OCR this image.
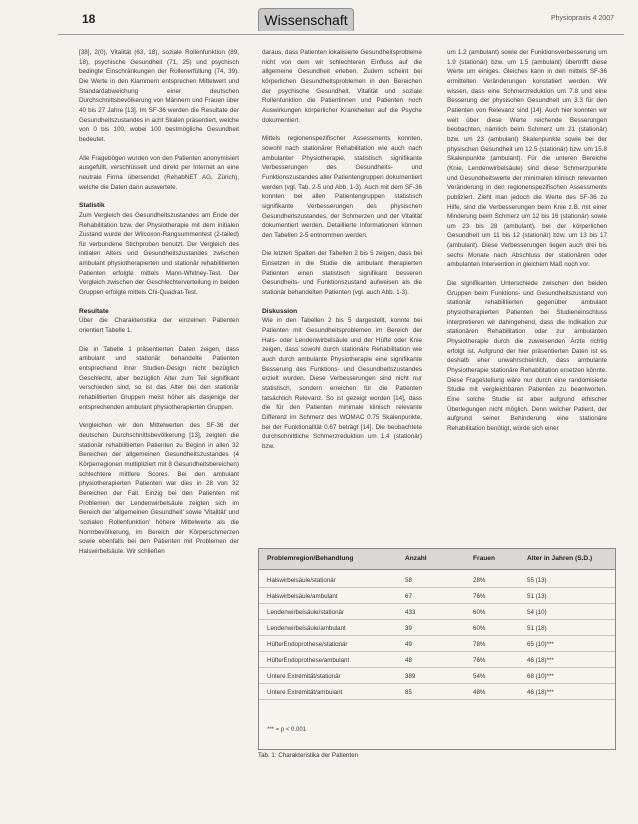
18	Wissenschaft	Physiopraxis 4 2007

[38], 2(0), Vitalität (63, 18), soziale Rollenfunktion (89, 18), psychische Gesundheit (71, 25) und psychisch bedingte Einschränkungen der Rollenerfüllung (74, 39). Die Werte in den Klammern entsprechen Mittelwert und Standardabweichung einer deutschen Durchschnittsbevölkerung von Männern und Frauen über 40 bis 27 Jahre [13]. Im SF-36 werden die Resultate der Gesundheitszustandes in acht Skalen präsentiert, welche von 0 bis 100, wobei 100 bestmögliche Gesundheit bedeutet.

Alle Fragebögen wurden von den Patienten anonymisiert ausgefüllt, verschlüsselt und direkt per Internet an eine neutrale Firma übersendet (RehabNET AG, Zürich), welche die Daten dann auswertete.

Statistik

Zum Vergleich des Gesundheitszustandes am Ende der Rehabilitation bzw. der Physiotherapie mit dem initialen Zustand wurde der Wilcoxon-Rangsummentest (2-tailed) für verbundene Stichproben benutzt. Der Vergleich des initialen Alters und Gesundheitszustandes zwischen ambulant physiotherapierten und stationär rehabilitierten Patienten erfolgte mittels Mann-Whitney-Test. Der Vergleich zwischen der Geschlechterverteilung in beiden Gruppen erfolgte mittels Chi-Quadrat-Test.

Resultate

Über die Charakteristika der einzelnen Patienten orientiert Tabelle 1.

Die in Tabelle 1 präsentierten Daten zeigen, dass ambulant und stationär behandelte Patienten entsprechend ihrer Studien-Design nicht bezüglich Geschlecht, aber bezüglich Alter zum Teil signifikant verschieden sind, so ist das Alter bei den stationär rehabilitierten Gruppen meist höher als dasjenige der entsprechenden ambulant physiotherapierten Gruppen.

Vergleichen wir den Mittelwerten des SF-36 der deutschen Durchschnittsbevölkerung [13], zeigten die stationär rehabilitierten Patienten zu Beginn in allen 32 Bereichen der allgemeinen Gesundheitszustandes (4 Körperregionen multipliziert mit 8 Gesundheitsbereichen) schlechtere mittlere Scores. Bei den ambulant physiotherapierten Patienten war dies in 28 von 32 Bereichen der Fall. Einzig bei den Patienten mit Problemen der Lendenwirbelsäule zeigten sich im Bereich der 'allgemeinen Gesundheit' sowie 'Vitalität' und 'sozialen Rollenfunktion' höhere Mittelwerte als die Normbevölkerung, im Bereich der Körperschmerzen sowie ebenfalls bei den Patienten mit Problemen der Halswirbelsäule. Wir schließen

daraus, dass Patienten lokalisierte Gesundheitsprobleme nicht von dem wir schlechteren Einfluss auf die allgemeine Gesundheit erleben. Zudem scheint bei körperlichen Gesundheitsproblemen in den Bereichen der psychische Gesundheit, Vitalität und soziale Rollenfunktion die Patientinnen und Patienten noch Auswirkungen körperlicher Krankheiten auf die Psyche dokumentiert.

Mittels regionenspezifischer Assessments konnten, sowohl nach stationärer Rehabilitation wie auch nach ambulanter Physiotherapie, statistisch signifikante Verbesserungen des Gesundheits- und Funktionszustandes aller Patientengruppen dokumentiert werden (vgl. Tab. 2-5 und Abb. 1-3). Auch mit dem SF-36 konnten bei allen Patientengruppen statistisch signifikante Verbesserungen des physischen Gesundheitszustandes, der Schmerzen und der Vitalität dokumentiert werden. Detaillierte Informationen können den Tabellen 2-5 entnommen werden.

Die letzten Spalten der Tabellen 2 bis 5 zeigen, dass bei Einsetzen in die Studie die ambulant therapierten Patienten einen statistisch signifikant besseren Gesundheits- und Funktionszustand aufweisen als die stationär behandelten Patienten (vgl. auch Abb. 1-3).

Diskussion

Wie in den Tabellen 2 bis 5 dargestellt, konnte bei Patienten mit Gesundheitsproblemen im Bereich der Hals- oder Lendenwirbelsäule und der Hüfte oder Knie zeigen, dass sowohl durch stationäre Rehabilitation wie auch durch ambulante Physiotherapie eine signifikante Besserung des Funktions- und Gesundheitszustandes erzielt wurden. Diese Verbesserungen sind nicht nur statistisch, sondern erreichen für die Patienten tatsächlich Relevanz. So ist gezeigt worden [14], dass die für den Patienten minimale klinisch relevante Differenz im Schmerz des WOMAC 0.75 Skalenpunkte, bei der Funktionalität 0.67 beträgt [14]. Die beobachtete durchschnittliche Schmerzreduktion um 1.4 (stationär) bzw.

um 1.2 (ambulant) sowie der Funktionsverbesserung um 1.9 (stationär) bzw. um 1.5 (ambulant) übertrifft diese Werte um einiges. Gleiches kann in den mittels SF-36 ermittelten Veränderungen konstatiert werden. Wir wissen, dass eine Schmerzreduktion um 7.8 und eine Besserung der physischen Gesundheit um 3.3 für den Patienten von Relevanz sind [14]. Auch hier konnten wir weit über diese Werte reichende Besserungen beobachten, nämlich beim Schmerz um 21 (stationär) bzw. um 23 (ambulant) Skalenpunkte sowie bei der physischen Gesundheit um 12.5 (stationär) bzw. um 15.8 Skalenpunkte (ambulant). Für die unteren Bereiche (Knie, Lendenwirbelsäule) sind diese Schmerzpunkte und Gesundheitswerte der minimalen klinisch relevanten Veränderung in den regionenspezifischen Assessments publiziert. Zieht man jedoch die Werte des SF-36 zu Hilfe, sind die Verbesserungen beim Knie z.B. mit einer Minderung beim Schmerz um 12 bis 16 (stationär) sowie um 23 bis 28 (ambulant), bei der körperlichen Gesundheit um 11 bis 12 (stationär) bzw. um 13 bis 17 (ambulant). Diese Verbesserungen liegen auch drei bis sechs Monate nach Abschluss der stationären oder ambulanten Intervention in gleichem Maß noch vor.

Die signifikanten Unterschiede zwischen den beiden Gruppen beim Funktions- und Gesundheitszustand von stationär rehabilitierten gegenüber ambulant physiotherapierten Patienten bei Studieneinschluss interpretieren wir dahingehend, dass die Indikation zur stationären Rehabilitation oder zur ambulanten Physiotherapie durch die zuweisenden Ärzte richtig erfolgt ist. Aufgrund der hier präsentierten Daten ist es deshalb eher unwahrscheinlich, dass ambulante Physiotherapie stationäre Rehabilitation ersetzen könnte. Diese Fragestellung wäre nur durch eine randomisierte Studie mit vergleichbaren Patienten zu beantworten. Eine solche Studie ist aber aufgrund ethischer Überlegungen nicht möglich. Denn welcher Patient, der aufgrund seiner Behinderung eine stationäre Rehabilitation benötigt, würde sich einer

Problemregion/Behandlung	Anzahl	Frauen	Alter in Jahren (S.D.)
Halswirbelsäule/stationär	58	28%	55 (13)
Halswirbelsäule/ambulant	67	76%	51 (13)
Lendenwirbelsäule/stationär	433	60%	54 (10)
Lendenwirbelsäule/ambulant	39	60%	51 (18)
Hüfte/Endoprothese/stationär	49	78%	65 (10)***
Hüfte/Endoprothese/ambulant	48	76%	46 (18)***
Untere Extremität/stationär	389	54%	68 (10)***
Untere Extremität/ambulant	85	48%	46 (18)***
*** = p < 0.001
Tab. 1: Charakteristika der Patienten
